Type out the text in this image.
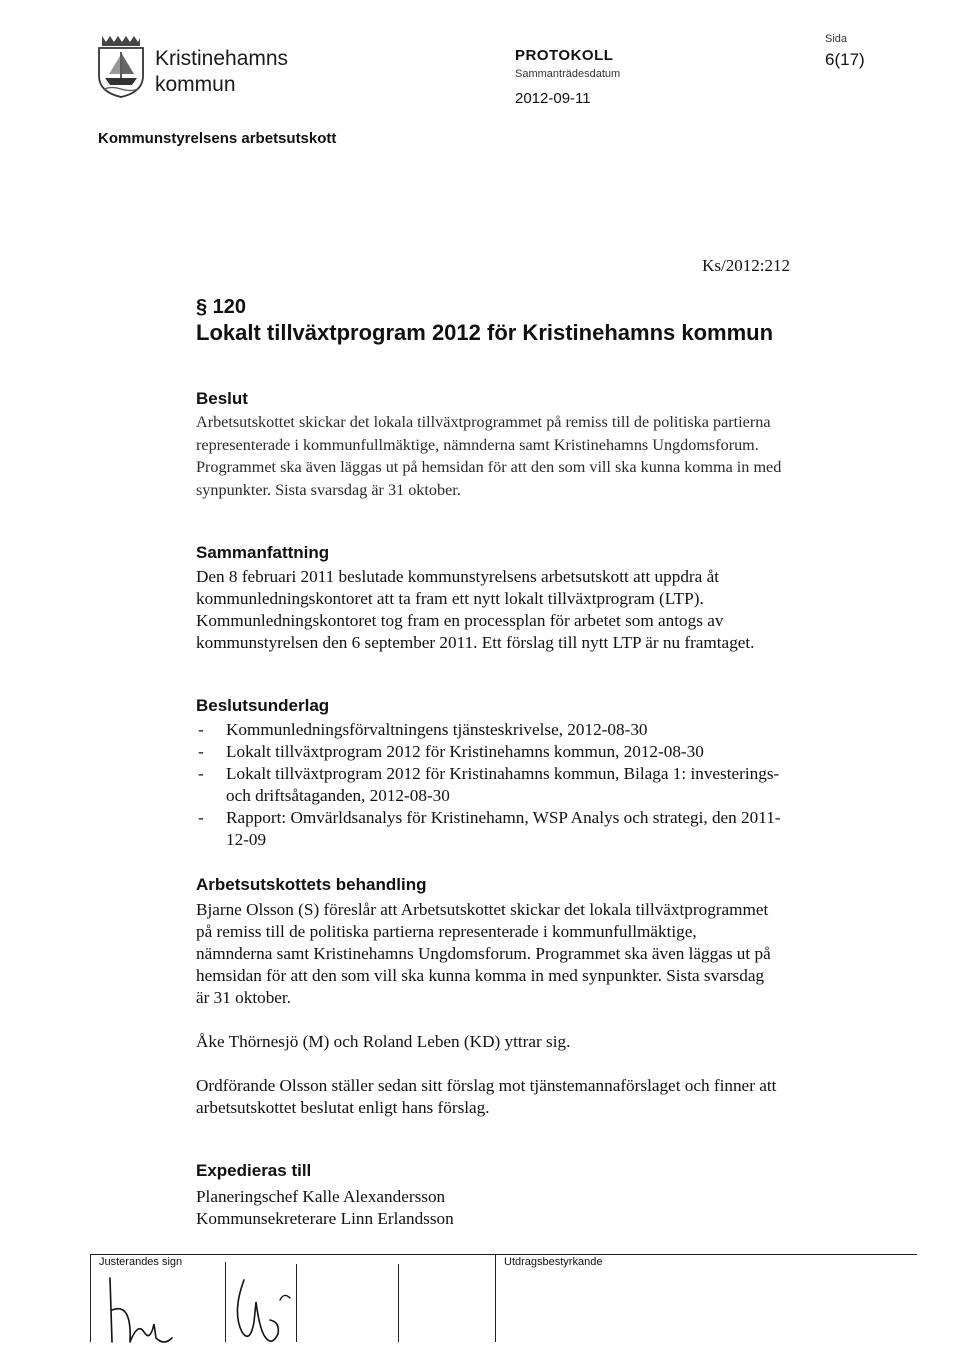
Kristinehamns
kommun
PROTOKOLL
Sammanträdesdatum
2012-09-11
Sida
6(17)
Kommunstyrelsens arbetsutskott
Ks/2012:212
§ 120
Lokalt tillväxtprogram 2012 för Kristinehamns kommun
Beslut

Arbetsutskottet skickar det lokala tillväxtprogrammet på remiss till de politiska partierna representerade i kommunfullmäktige, nämnderna samt Kristinehamns Ungdomsforum. Programmet ska även läggas ut på hemsidan för att den som vill ska kunna komma in med synpunkter. Sista svarsdag är 31 oktober.

Sammanfattning

Den 8 februari 2011 beslutade kommunstyrelsens arbetsutskott att uppdra åt kommunledningskontoret att ta fram ett nytt lokalt tillväxtprogram (LTP). Kommunledningskontoret tog fram en processplan för arbetet som antogs av kommunstyrelsen den 6 september 2011. Ett förslag till nytt LTP är nu framtaget.

Beslutsunderlag
- Kommunledningsförvaltningens tjänsteskrivelse, 2012-08-30
- Lokalt tillväxtprogram 2012 för Kristinehamns kommun, 2012-08-30
- Lokalt tillväxtprogram 2012 för Kristinahamns kommun, Bilaga 1: investerings- och driftsåtaganden, 2012-08-30
- Rapport: Omvärldsanalys för Kristinehamn, WSP Analys och strategi, den 2011-12-09
Arbetsutskottets behandling

Bjarne Olsson (S) föreslår att Arbetsutskottet skickar det lokala tillväxtprogrammet på remiss till de politiska partierna representerade i kommunfullmäktige, nämnderna samt Kristinehamns Ungdomsforum. Programmet ska även läggas ut på hemsidan för att den som vill ska kunna komma in med synpunkter. Sista svarsdag är 31 oktober.

Åke Thörnesjö (M) och Roland Leben (KD) yttrar sig.

Ordförande Olsson ställer sedan sitt förslag mot tjänstemannaförslaget och finner att arbetsutskottet beslutat enligt hans förslag.

Expedieras till
Planeringschef Kalle Alexandersson
Kommunsekreterare Linn Erlandsson
Justerandes sign	Utdragsbestyrkande
